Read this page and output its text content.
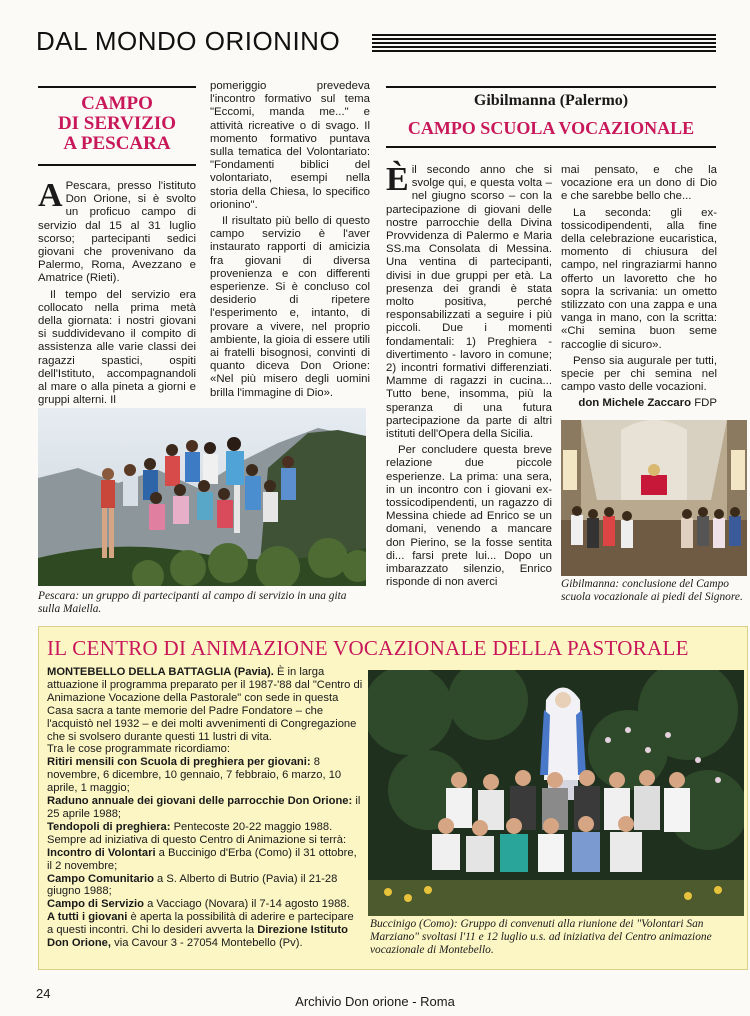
DAL MONDO ORIONINO
CAMPO
DI SERVIZIO
A PESCARA

A Pescara, presso l'istituto Don Orione, si è svolto un proficuo campo di servizio dal 15 al 31 luglio scorso; partecipanti sedici giovani che provenivano da Palermo, Roma, Avezzano e Amatrice (Rieti).

Il tempo del servizio era collocato nella prima metà della giornata: i nostri giovani si suddividevano il compito di assistenza alle varie classi dei ragazzi spastici, ospiti dell'Istituto, accompagnandoli al mare o alla pineta a giorni e gruppi alterni. Il

pomeriggio prevedeva l'incontro formativo sul tema "Eccomi, manda me..." e attività ricreative o di svago. Il momento formativo puntava sulla tematica del Volontariato: "Fondamenti biblici del volontariato, esempi nella storia della Chiesa, lo specifico orionino".

Il risultato più bello di questo campo servizio è l'aver instaurato rapporti di amicizia fra giovani di diversa provenienza e con differenti esperienze. Si è concluso col desiderio di ripetere l'esperimento e, intanto, di provare a vivere, nel proprio ambiente, la gioia di essere utili ai fratelli bisognosi, convinti di quanto diceva Don Orione: «Nel più misero degli uomini brilla l'immagine di Dio».

Pescara: un gruppo di partecipanti al campo di servizio in una gita sulla Maiella.
Gibilmanna (Palermo)
CAMPO SCUOLA VOCAZIONALE

Èil secondo anno che si svolge qui, e questa volta – nel giugno scorso – con la partecipazione di giovani delle nostre parrocchie della Divina Provvidenza di Palermo e Maria SS.ma Consolata di Messina. Una ventina di partecipanti, divisi in due gruppi per età. La presenza dei grandi è stata molto positiva, perché responsabilizzati a seguire i più piccoli. Due i momenti fondamentali: 1) Preghiera - divertimento - lavoro in comune; 2) incontri formativi differenziati. Mamme di ragazzi in cucina... Tutto bene, insomma, più la speranza di una futura partecipazione da parte di altri istituti dell'Opera della Sicilia.

Per concludere questa breve relazione due piccole esperienze. La prima: una sera, in un incontro con i giovani ex-tossicodipendenti, un ragazzo di Messina chiede ad Enrico se un domani, venendo a mancare don Pierino, se la fosse sentita di... farsi prete lui... Dopo un imbarazzato silenzio, Enrico risponde di non averci

mai pensato, e che la vocazione era un dono di Dio e che sarebbe bello che...

La seconda: gli ex-tossicodipendenti, alla fine della celebrazione eucaristica, momento di chiusura del campo, nel ringraziarmi hanno offerto un lavoretto che ho sopra la scrivania: un ometto stilizzato con una zappa e una vanga in mano, con la scritta: «Chi semina buon seme raccoglie di sicuro».

Penso sia augurale per tutti, specie per chi semina nel campo vasto delle vocazioni.

don Michele Zaccaro FDP

Gibilmanna: conclusione del Campo scuola vocazionale ai piedi del Signore.
IL CENTRO DI ANIMAZIONE VOCAZIONALE DELLA PASTORALE
MONTEBELLO DELLA BATTAGLIA (Pavia). È in larga attuazione il programma preparato per il 1987-'88 dal "Centro di Animazione Vocazione della Pastorale" con sede in questa Casa sacra a tante memorie del Padre Fondatore – che l'acquistò nel 1932 – e dei molti avvenimenti di Congregazione che si svolsero durante questi 11 lustri di vita.
Tra le cose programmate ricordiamo:
Ritiri mensili con Scuola di preghiera per giovani: 8 novembre, 6 dicembre, 10 gennaio, 7 febbraio, 6 marzo, 10 aprile, 1 maggio;
Raduno annuale dei giovani delle parrocchie Don Orione: il 25 aprile 1988;
Tendopoli di preghiera: Pentecoste 20-22 maggio 1988.
Sempre ad iniziativa di questo Centro di Animazione si terrà:
Incontro di Volontari a Buccinigo d'Erba (Como) il 31 ottobre, il 2 novembre;
Campo Comunitario a S. Alberto di Butrio (Pavia) il 21-28 giugno 1988;
Campo di Servizio a Vacciago (Novara) il 7-14 agosto 1988.
A tutti i giovani è aperta la possibilità di aderire e partecipare a questi incontri. Chi lo desideri avverta la Direzione Istituto Don Orione, via Cavour 3 - 27054 Montebello (Pv).
Buccinigo (Como): Gruppo di convenuti alla riunione dei "Volontari San Marziano" svoltasi l'11 e 12 luglio u.s. ad iniziativa del Centro animazione vocazionale di Montebello.
24
Archivio Don orione - Roma
